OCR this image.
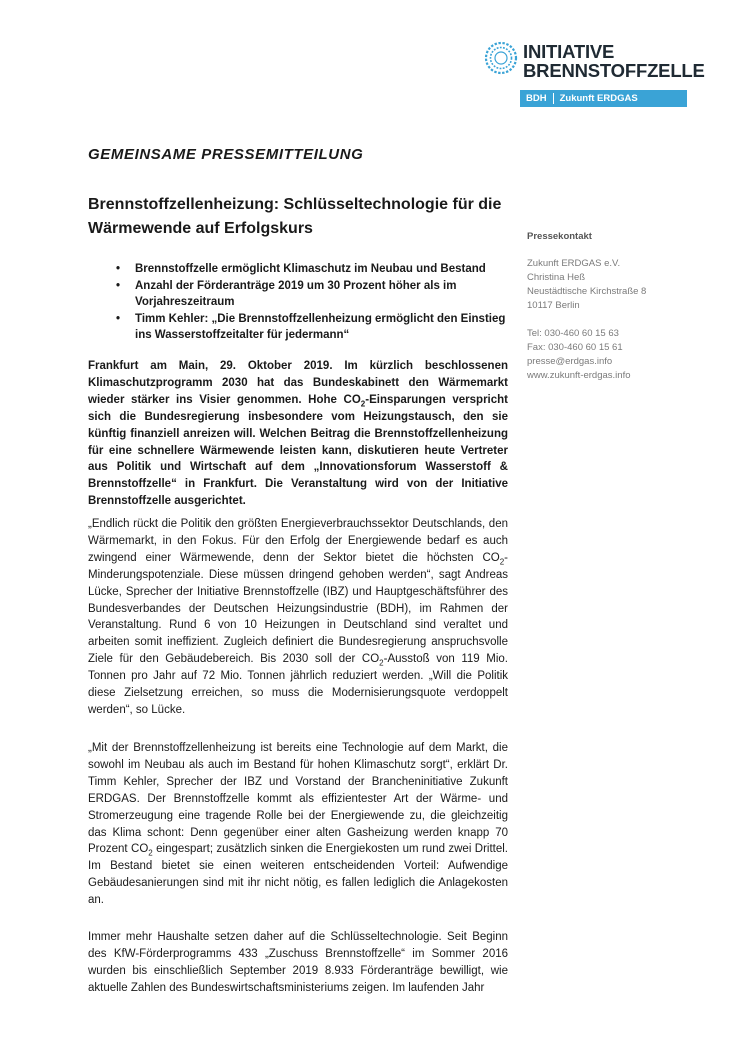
INITIATIVE
BRENNSTOFFZELLE
BDH	Zukunft ERDGAS
GEMEINSAME PRESSEMITTEILUNG
Brennstoffzellenheizung: Schlüsseltechnologie für die Wärmewende auf Erfolgskurs	Pressekontakt
Zukunft ERDGAS e.V.
Christina Heß
Neustädtische Kirchstraße 8
10117 Berlin
Tel: 030-460 60 15 63
Fax: 030-460 60 15 61
presse@erdgas.info
www.zukunft-erdgas.info
• Brennstoffzelle ermöglicht Klimaschutz im Neubau und Bestand
• Anzahl der Förderanträge 2019 um 30 Prozent höher als im Vorjahreszeitraum
• Timm Kehler: „Die Brennstoffzellenheizung ermöglicht den Einstieg ins Wasserstoffzeitalter für jedermann“

Frankfurt am Main, 29. Oktober 2019. Im kürzlich beschlossenen Klimaschutzprogramm 2030 hat das Bundeskabinett den Wärmemarkt wieder stärker ins Visier genommen. Hohe $CO_2$-Einsparungen verspricht sich die Bundesregierung insbesondere vom Heizungstausch, den sie künftig finanziell anreizen will. Welchen Beitrag die Brennstoffzellenheizung für eine schnellere Wärmewende leisten kann, diskutieren heute Vertreter aus Politik und Wirtschaft auf dem „Innovationsforum Wasserstoff & Brennstoffzelle“ in Frankfurt. Die Veranstaltung wird von der Initiative Brennstoffzelle ausgerichtet.

„Endlich rückt die Politik den größten Energieverbrauchssektor Deutschlands, den Wärmemarkt, in den Fokus. Für den Erfolg der Energiewende bedarf es auch zwingend einer Wärmewende, denn der Sektor bietet die höchsten $CO_2$-Minderungspotenziale. Diese müssen dringend gehoben werden“, sagt Andreas Lücke, Sprecher der Initiative Brennstoffzelle (IBZ) und Hauptgeschäftsführer des Bundesverbandes der Deutschen Heizungsindustrie (BDH), im Rahmen der Veranstaltung. Rund 6 von 10 Heizungen in Deutschland sind veraltet und arbeiten somit ineffizient. Zugleich definiert die Bundesregierung anspruchsvolle Ziele für den Gebäudebereich. Bis 2030 soll der $CO_2$-Ausstoß von 119 Mio. Tonnen pro Jahr auf 72 Mio. Tonnen jährlich reduziert werden. „Will die Politik diese Zielsetzung erreichen, so muss die Modernisierungsquote verdoppelt werden“, so Lücke.

„Mit der Brennstoffzellenheizung ist bereits eine Technologie auf dem Markt, die sowohl im Neubau als auch im Bestand für hohen Klimaschutz sorgt“, erklärt Dr. Timm Kehler, Sprecher der IBZ und Vorstand der Brancheninitiative Zukunft ERDGAS. Der Brennstoffzelle kommt als effizientester Art der Wärme- und Stromerzeugung eine tragende Rolle bei der Energiewende zu, die gleichzeitig das Klima schont: Denn gegenüber einer alten Gasheizung werden knapp 70 Prozent $CO_2$ eingespart; zusätzlich sinken die Energiekosten um rund zwei Drittel. Im Bestand bietet sie einen weiteren entscheidenden Vorteil: Aufwendige Gebäudesanierungen sind mit ihr nicht nötig, es fallen lediglich die Anlagekosten an.

Immer mehr Haushalte setzen daher auf die Schlüsseltechnologie. Seit Beginn des KfW-Förderprogramms 433 „Zuschuss Brennstoffzelle“ im Sommer 2016 wurden bis einschließlich September 2019 8.933 Förderanträge bewilligt, wie aktuelle Zahlen des Bundeswirtschaftsministeriums zeigen. Im laufenden Jahr
